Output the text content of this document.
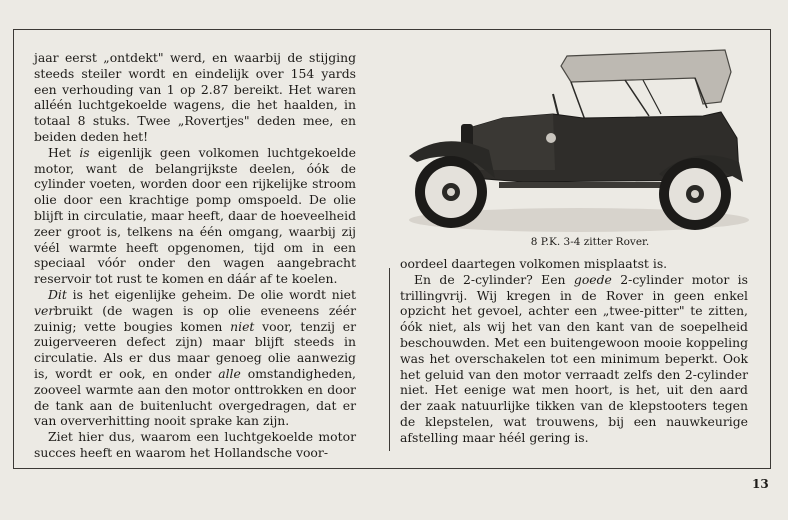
jaar eerst „ontdekt" werd, en waarbij de stijging steeds steiler wordt en eindelijk over 154 yards een verhouding van 1 op 2.87 bereikt. Het waren alléén luchtgekoelde wagens, die het haalden, in totaal 8 stuks. Twee „Rovertjes" deden mee, en beiden deden het!

Het is eigenlijk geen volkomen luchtgekoelde motor, want de belangrijkste deelen, óók de cylinder voeten, worden door een rijkelijke stroom olie door een krachtige pomp omspoeld. De olie blijft in circulatie, maar heeft, daar de hoeveelheid zeer groot is, telkens na één omgang, waarbij zij véél warmte heeft opgenomen, tijd om in een speciaal vóór onder den wagen aangebracht reservoir tot rust te komen en dáár af te koelen.

Dit is het eigenlijke geheim. De olie wordt niet verbruikt (de wagen is op olie eveneens zéér zuinig; vette bougies komen niet voor, tenzij er zuigerveeren defect zijn) maar blijft steeds in circulatie. Als er dus maar genoeg olie aanwezig is, wordt er ook, en onder alle omstandigheden, zooveel warmte aan den motor onttrokken en door de tank aan de buitenlucht overgedragen, dat er van oververhitting nooit sprake kan zijn.

Ziet hier dus, waarom een luchtgekoelde motor succes heeft en waarom het Hollandsche voor-

8 P.K. 3-4 zitter Rover.

oordeel daartegen volkomen misplaatst is.

En de 2-cylinder? Een goede 2-cylinder motor is trillingvrij. Wij kregen in de Rover in geen enkel opzicht het gevoel, achter een „twee-pitter" te zitten, óók niet, als wij het van den kant van de soepelheid beschouwden. Met een buitengewoon mooie koppeling was het overschakelen tot een minimum beperkt. Ook het geluid van den motor verraadt zelfs den 2-cylinder niet. Het eenige wat men hoort, is het, uit den aard der zaak natuurlijke tikken van de klepstooters tegen de klepstelen, wat trouwens, bij een nauwkeurige afstelling maar héél gering is.

13
